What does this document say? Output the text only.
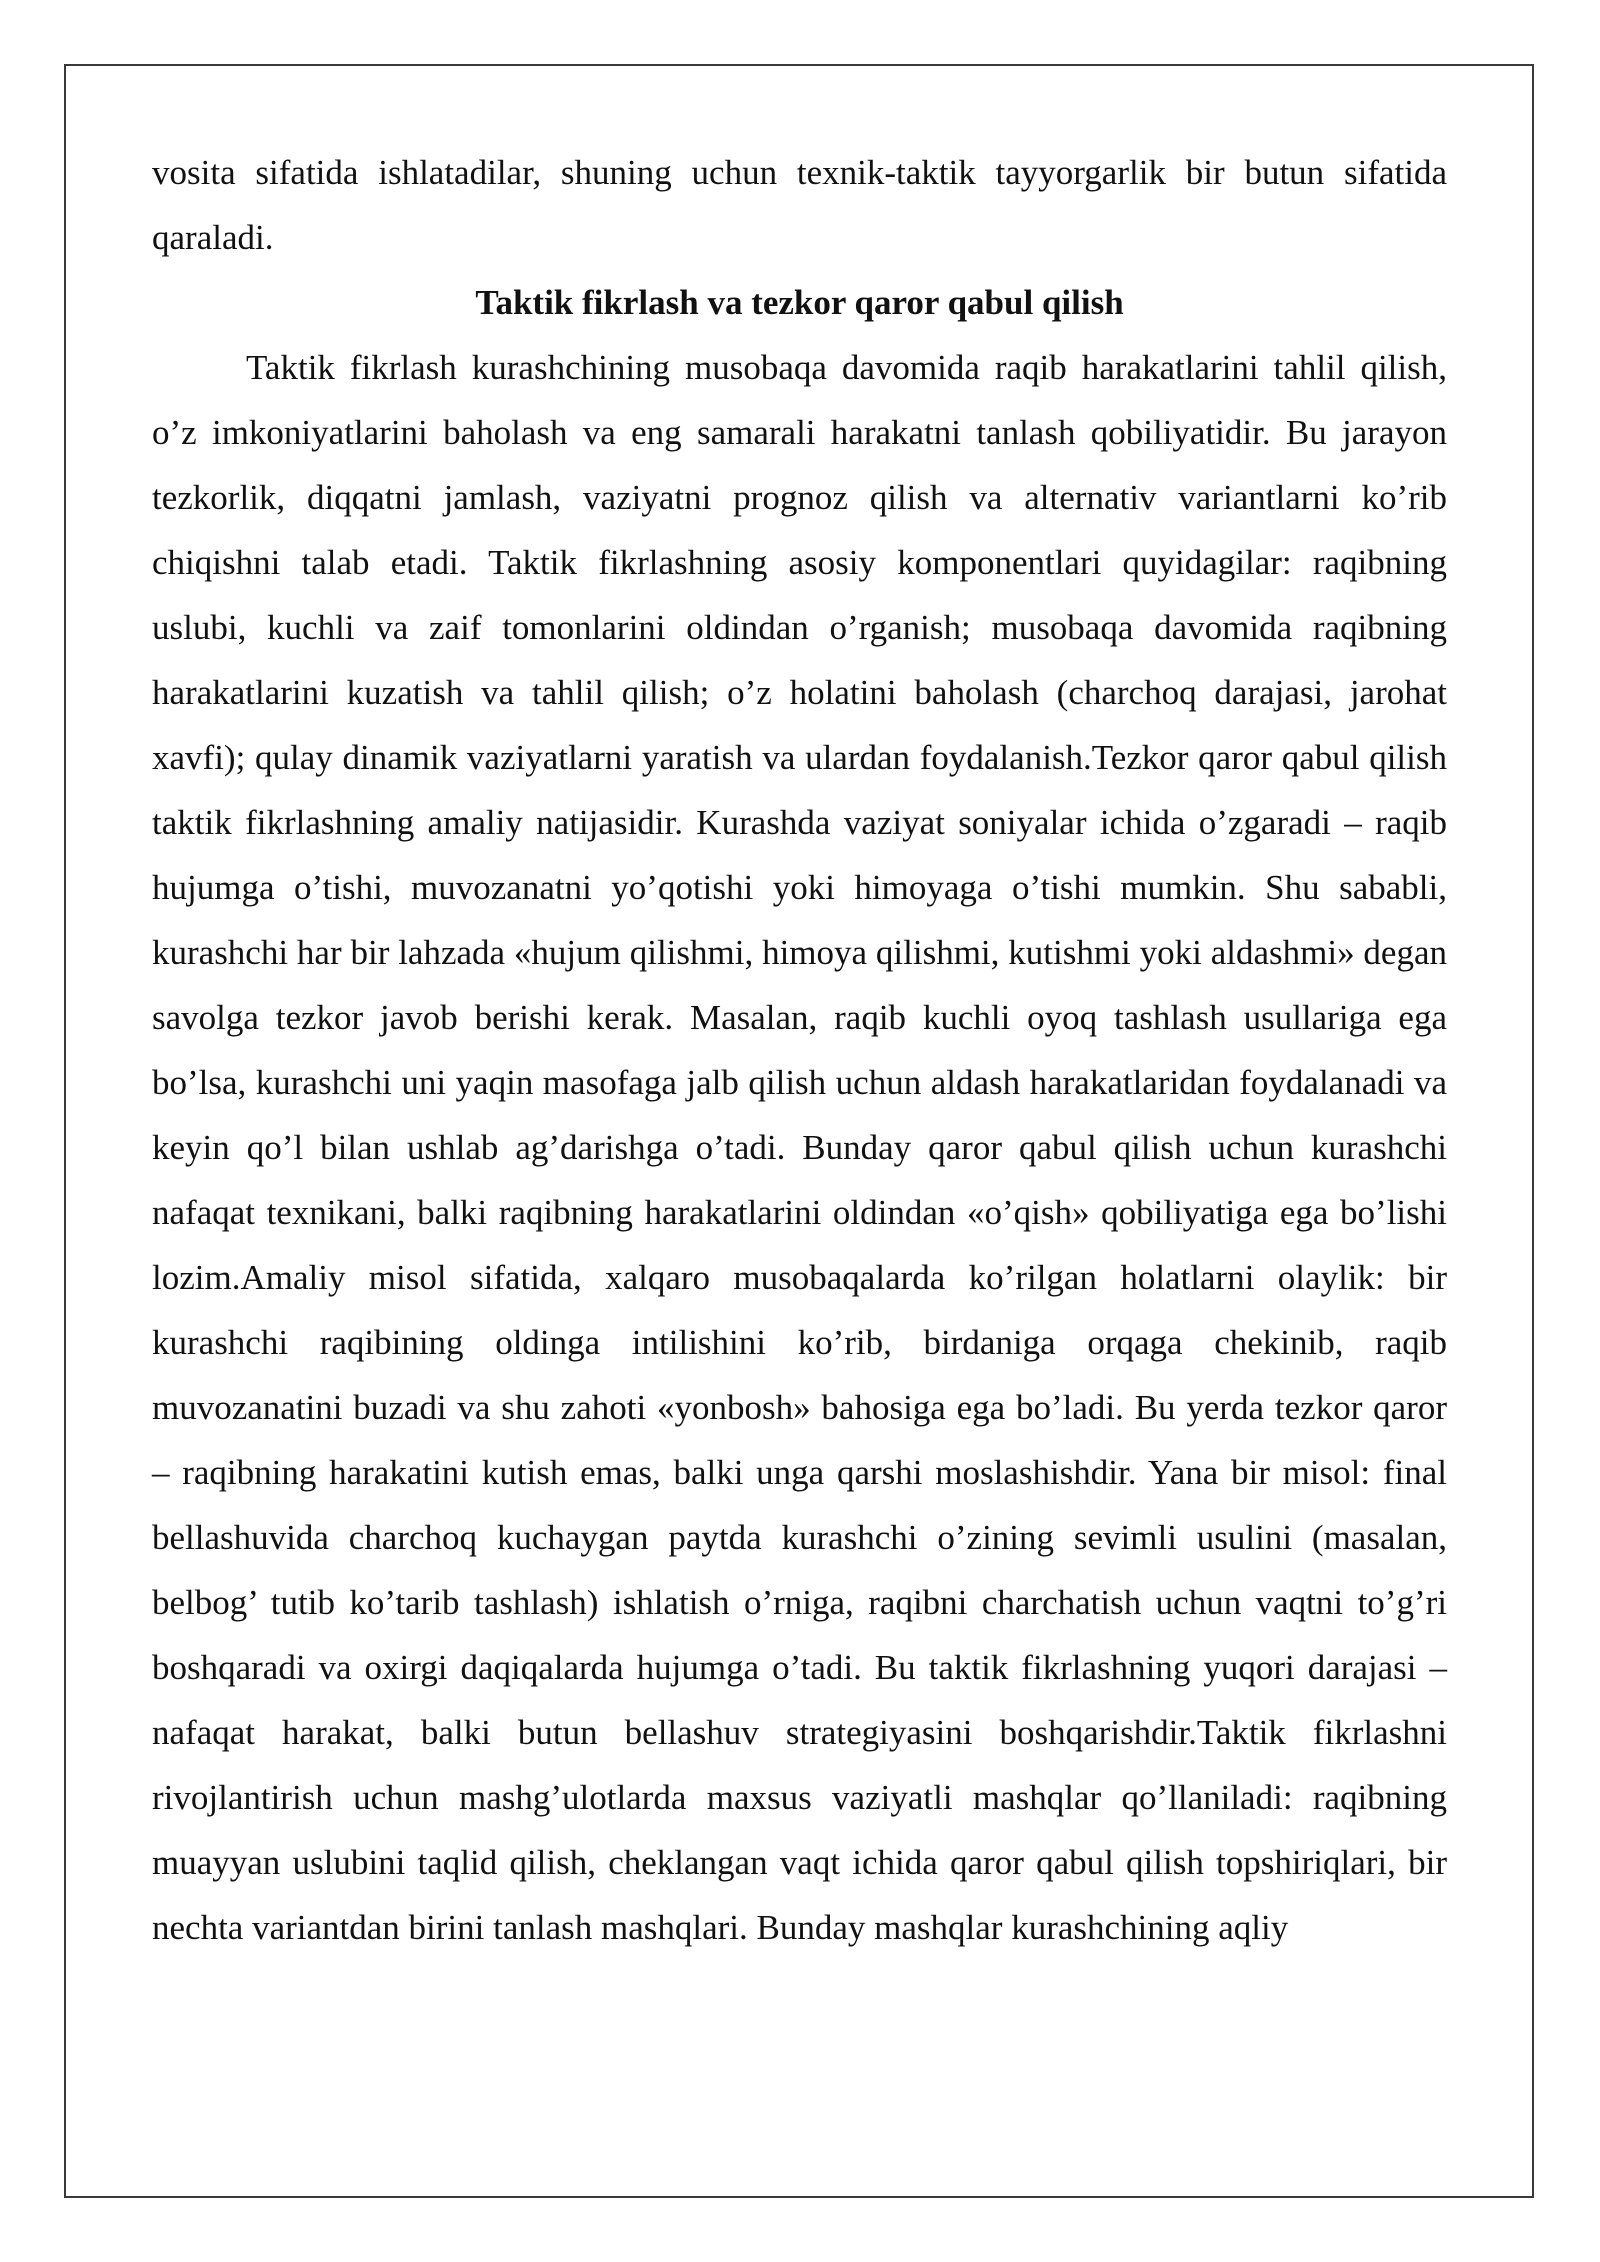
vosita sifatida ishlatadilar, shuning uchun texnik-taktik tayyorgarlik bir butun sifatida qaraladi.

Taktik fikrlash va tezkor qaror qabul qilish

Taktik fikrlash kurashchining musobaqa davomida raqib harakatlarini tahlil qilish, o’z imkoniyatlarini baholash va eng samarali harakatni tanlash qobiliyatidir. Bu jarayon tezkorlik, diqqatni jamlash, vaziyatni prognoz qilish va alternativ variantlarni ko’rib chiqishni talab etadi. Taktik fikrlashning asosiy komponentlari quyidagilar: raqibning uslubi, kuchli va zaif tomonlarini oldindan o’rganish; musobaqa davomida raqibning harakatlarini kuzatish va tahlil qilish; o’z holatini baholash (charchoq darajasi, jarohat xavfi); qulay dinamik vaziyatlarni yaratish va ulardan foydalanish.Tezkor qaror qabul qilish taktik fikrlashning amaliy natijasidir. Kurashda vaziyat soniyalar ichida o’zgaradi – raqib hujumga o’tishi, muvozanatni yo’qotishi yoki himoyaga o’tishi mumkin. Shu sababli, kurashchi har bir lahzada «hujum qilishmi, himoya qilishmi, kutishmi yoki aldashmi» degan savolga tezkor javob berishi kerak. Masalan, raqib kuchli oyoq tashlash usullariga ega bo’lsa, kurashchi uni yaqin masofaga jalb qilish uchun aldash harakatlaridan foydalanadi va keyin qo’l bilan ushlab ag’darishga o’tadi. Bunday qaror qabul qilish uchun kurashchi nafaqat texnikani, balki raqibning harakatlarini oldindan «o’qish» qobiliyatiga ega bo’lishi lozim.Amaliy misol sifatida, xalqaro musobaqalarda ko’rilgan holatlarni olaylik: bir kurashchi raqibining oldinga intilishini ko’rib, birdaniga orqaga chekinib, raqib muvozanatini buzadi va shu zahoti «yonbosh» bahosiga ega bo’ladi. Bu yerda tezkor qaror – raqibning harakatini kutish emas, balki unga qarshi moslashishdir. Yana bir misol: final bellashuvida charchoq kuchaygan paytda kurashchi o’zining sevimli usulini (masalan, belbog’ tutib ko’tarib tashlash) ishlatish o’rniga, raqibni charchatish uchun vaqtni to’g’ri boshqaradi va oxirgi daqiqalarda hujumga o’tadi. Bu taktik fikrlashning yuqori darajasi – nafaqat harakat, balki butun bellashuv strategiyasini boshqarishdir.Taktik fikrlashni rivojlantirish uchun mashg’ulotlarda maxsus vaziyatli mashqlar qo’llaniladi: raqibning muayyan uslubini taqlid qilish, cheklangan vaqt ichida qaror qabul qilish topshiriqlari, bir nechta variantdan birini tanlash mashqlari. Bunday mashqlar kurashchining aqliy
